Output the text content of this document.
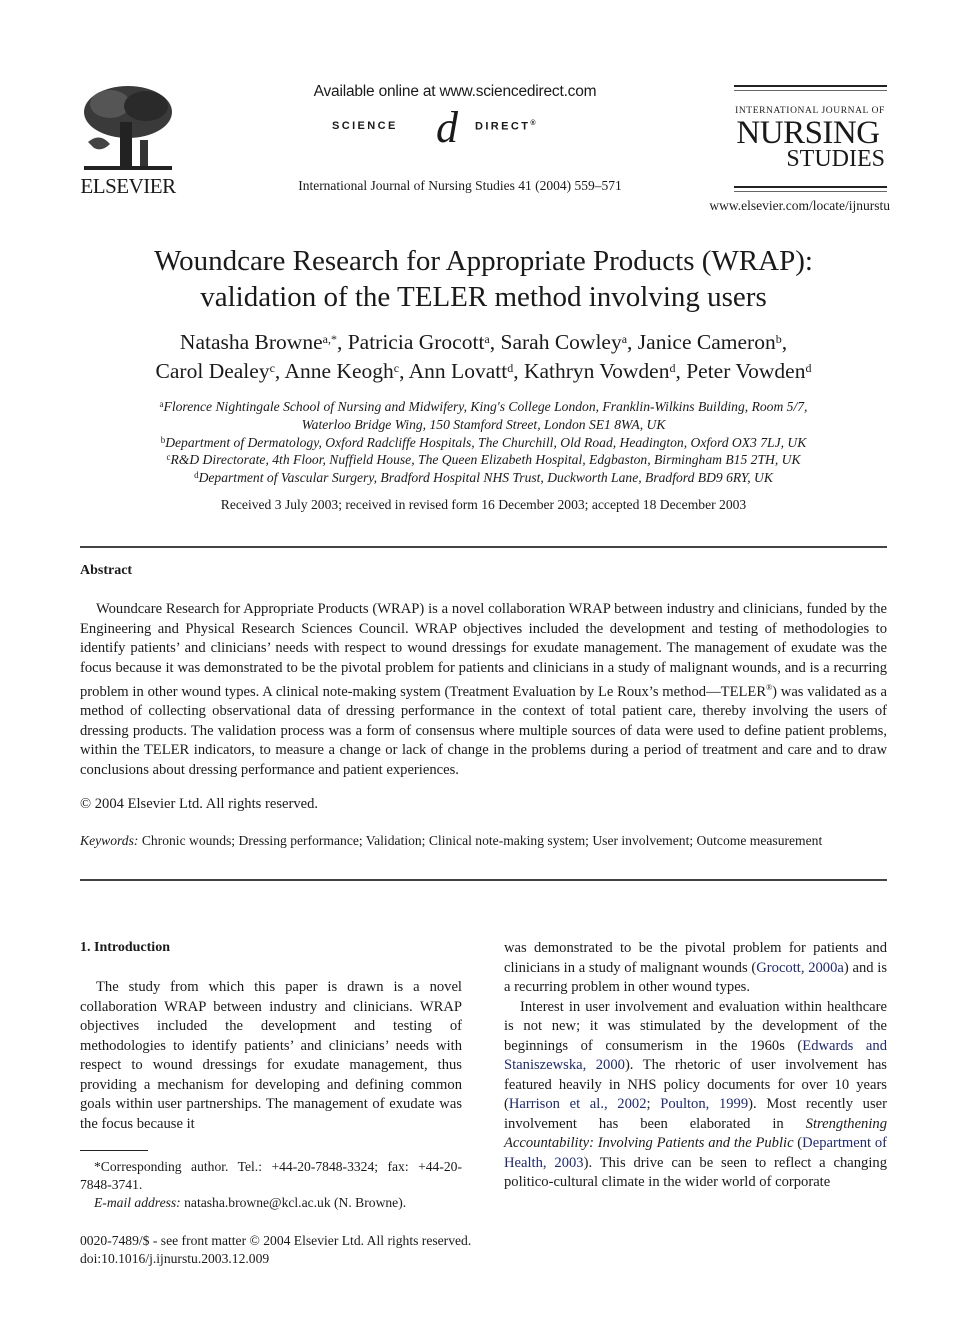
ELSEVIER
Available online at www.sciencedirect.com
SCIENCE d DIRECT®
International Journal of Nursing Studies 41 (2004) 559–571
INTERNATIONAL JOURNAL OF
NURSING
STUDIES
www.elsevier.com/locate/ijnurstu
Woundcare Research for Appropriate Products (WRAP):
validation of the TELER method involving users
Natasha Browne$^{a,*}$, Patricia Grocott$^a$, Sarah Cowley$^a$, Janice Cameron$^b$,
Carol Dealey$^c$, Anne Keogh$^c$, Ann Lovatt$^d$, Kathryn Vowden$^d$, Peter Vowden$^d$
$^a$Florence Nightingale School of Nursing and Midwifery, King's College London, Franklin-Wilkins Building, Room 5/7,
Waterloo Bridge Wing, 150 Stamford Street, London SE1 8WA, UK
$^b$Department of Dermatology, Oxford Radcliffe Hospitals, The Churchill, Old Road, Headington, Oxford OX3 7LJ, UK
$^c$R&D Directorate, 4th Floor, Nuffield House, The Queen Elizabeth Hospital, Edgbaston, Birmingham B15 2TH, UK
$^d$Department of Vascular Surgery, Bradford Hospital NHS Trust, Duckworth Lane, Bradford BD9 6RY, UK
Received 3 July 2003; received in revised form 16 December 2003; accepted 18 December 2003
Abstract
Woundcare Research for Appropriate Products (WRAP) is a novel collaboration WRAP between industry and clinicians, funded by the Engineering and Physical Research Sciences Council. WRAP objectives included the development and testing of methodologies to identify patients’ and clinicians’ needs with respect to wound dressings for exudate management. The management of exudate was the focus because it was demonstrated to be the pivotal problem for patients and clinicians in a study of malignant wounds, and is a recurring problem in other wound types. A clinical note-making system (Treatment Evaluation by Le Roux’s method—TELER®) was validated as a method of collecting observational data of dressing performance in the context of total patient care, thereby involving the users of dressing products. The validation process was a form of consensus where multiple sources of data were used to define patient problems, within the TELER indicators, to measure a change or lack of change in the problems during a period of treatment and care and to draw conclusions about dressing performance and patient experiences.
© 2004 Elsevier Ltd. All rights reserved.
Keywords: Chronic wounds; Dressing performance; Validation; Clinical note-making system; User involvement; Outcome measurement
1. Introduction
The study from which this paper is drawn is a novel collaboration WRAP between industry and clinicians. WRAP objectives included the development and testing of methodologies to identify patients’ and clinicians’ needs with respect to wound dressings for exudate management, thus providing a mechanism for developing and defining common goals within user partnerships. The management of exudate was the focus because it
was demonstrated to be the pivotal problem for patients and clinicians in a study of malignant wounds (Grocott, 2000a) and is a recurring problem in other wound types.
Interest in user involvement and evaluation within healthcare is not new; it was stimulated by the development of the beginnings of consumerism in the 1960s (Edwards and Staniszewska, 2000). The rhetoric of user involvement has featured heavily in NHS policy documents for over 10 years (Harrison et al., 2002; Poulton, 1999). Most recently user involvement has been elaborated in Strengthening Accountability: Involving Patients and the Public (Department of Health, 2003). This drive can be seen to reflect a changing politico-cultural climate in the wider world of corporate
*Corresponding author. Tel.: +44-20-7848-3324; fax: +44-20-7848-3741.
E-mail address: natasha.browne@kcl.ac.uk (N. Browne).
0020-7489/$ - see front matter © 2004 Elsevier Ltd. All rights reserved.
doi:10.1016/j.ijnurstu.2003.12.009
